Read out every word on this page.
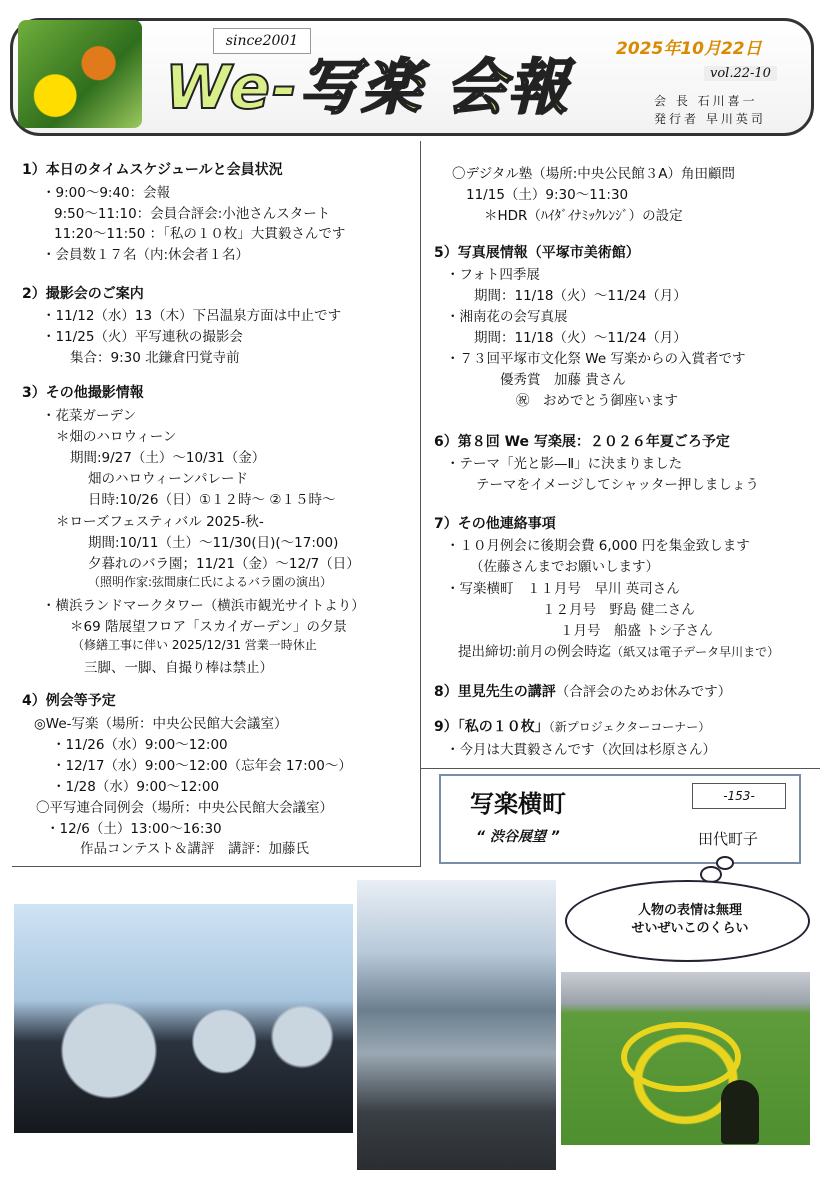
since2001
We-写楽 会報
2025年10月22日
vol.22-10
会 長 石川喜一
発行者 早川英司
1）本日のタイムスケジュールと会員状況
・9:00〜9:40：会報
9:50〜11:10：会員合評会:小池さんスタート
11:20〜11:50 ：「私の１０枚」大貫毅さんです
・会員数１７名（内:休会者１名）
2）撮影会のご案内
・11/12（水）13（木）下呂温泉方面は中止です
・11/25（火）平写連秋の撮影会
集合：9:30 北鎌倉円覚寺前
3）その他撮影情報
・花菜ガーデン
＊畑のハロウィーン
期間:9/27（土）〜10/31（金）
畑のハロウィーンパレード
日時:10/26（日）①１２時〜 ②１５時〜
＊ローズフェスティバル 2025-秋-
期間:10/11（土）〜11/30(日)(〜17:00)
夕暮れのバラ園；11/21（金）〜12/7（日）
（照明作家:弦間康仁氏によるバラ園の演出）
・横浜ランドマークタワー（横浜市観光サイトより）
＊69 階展望フロア「スカイガーデン」の夕景
（修繕工事に伴い 2025/12/31 営業一時休止
三脚、一脚、自撮り棒は禁止）
4）例会等予定
◎We-写楽（場所：中央公民館大会議室）
・11/26（水）9:00〜12:00
・12/17（水）9:00〜12:00（忘年会 17:00〜）
・1/28（水）9:00〜12:00
〇平写連合同例会（場所：中央公民館大会議室）
・12/6（土）13:00〜16:30
作品コンテスト＆講評　講評：加藤氏
〇デジタル塾（場所:中央公民館３A）角田顧問
11/15（土）9:30〜11:30
＊HDR（ﾊｲﾀﾞｲﾅﾐｯｸﾚﾝｼﾞ）の設定
5）写真展情報（平塚市美術館）
・フォト四季展
期間：11/18（火）〜11/24（月）
・湘南花の会写真展
期間：11/18（火）〜11/24（月）
・７３回平塚市文化祭 We 写楽からの入賞者です
優秀賞　加藤 貴さん
㊗　おめでとう御座います
6）第８回 We 写楽展：２０２６年夏ごろ予定
・テーマ「光と影—Ⅱ」に決まりました
テーマをイメージしてシャッター押しましょう
7）その他連絡事項
・１０月例会に後期会費 6,000 円を集金致します
（佐藤さんまでお願いします）
・写楽横町　１１月号　早川 英司さん
１２月号　野島 健二さん
１月号　船盛 トシ子さん
提出締切:前月の例会時迄（紙又は電子データ早川まで）
8）里見先生の講評（合評会のためお休みです）
9）「私の１０枚」（新プロジェクターコーナー）
・今月は大貫毅さんです（次回は杉原さん）
写楽横町	-153-
“ 渋谷展望 ”	田代町子
人物の表情は無理
せいぜいこのくらい
